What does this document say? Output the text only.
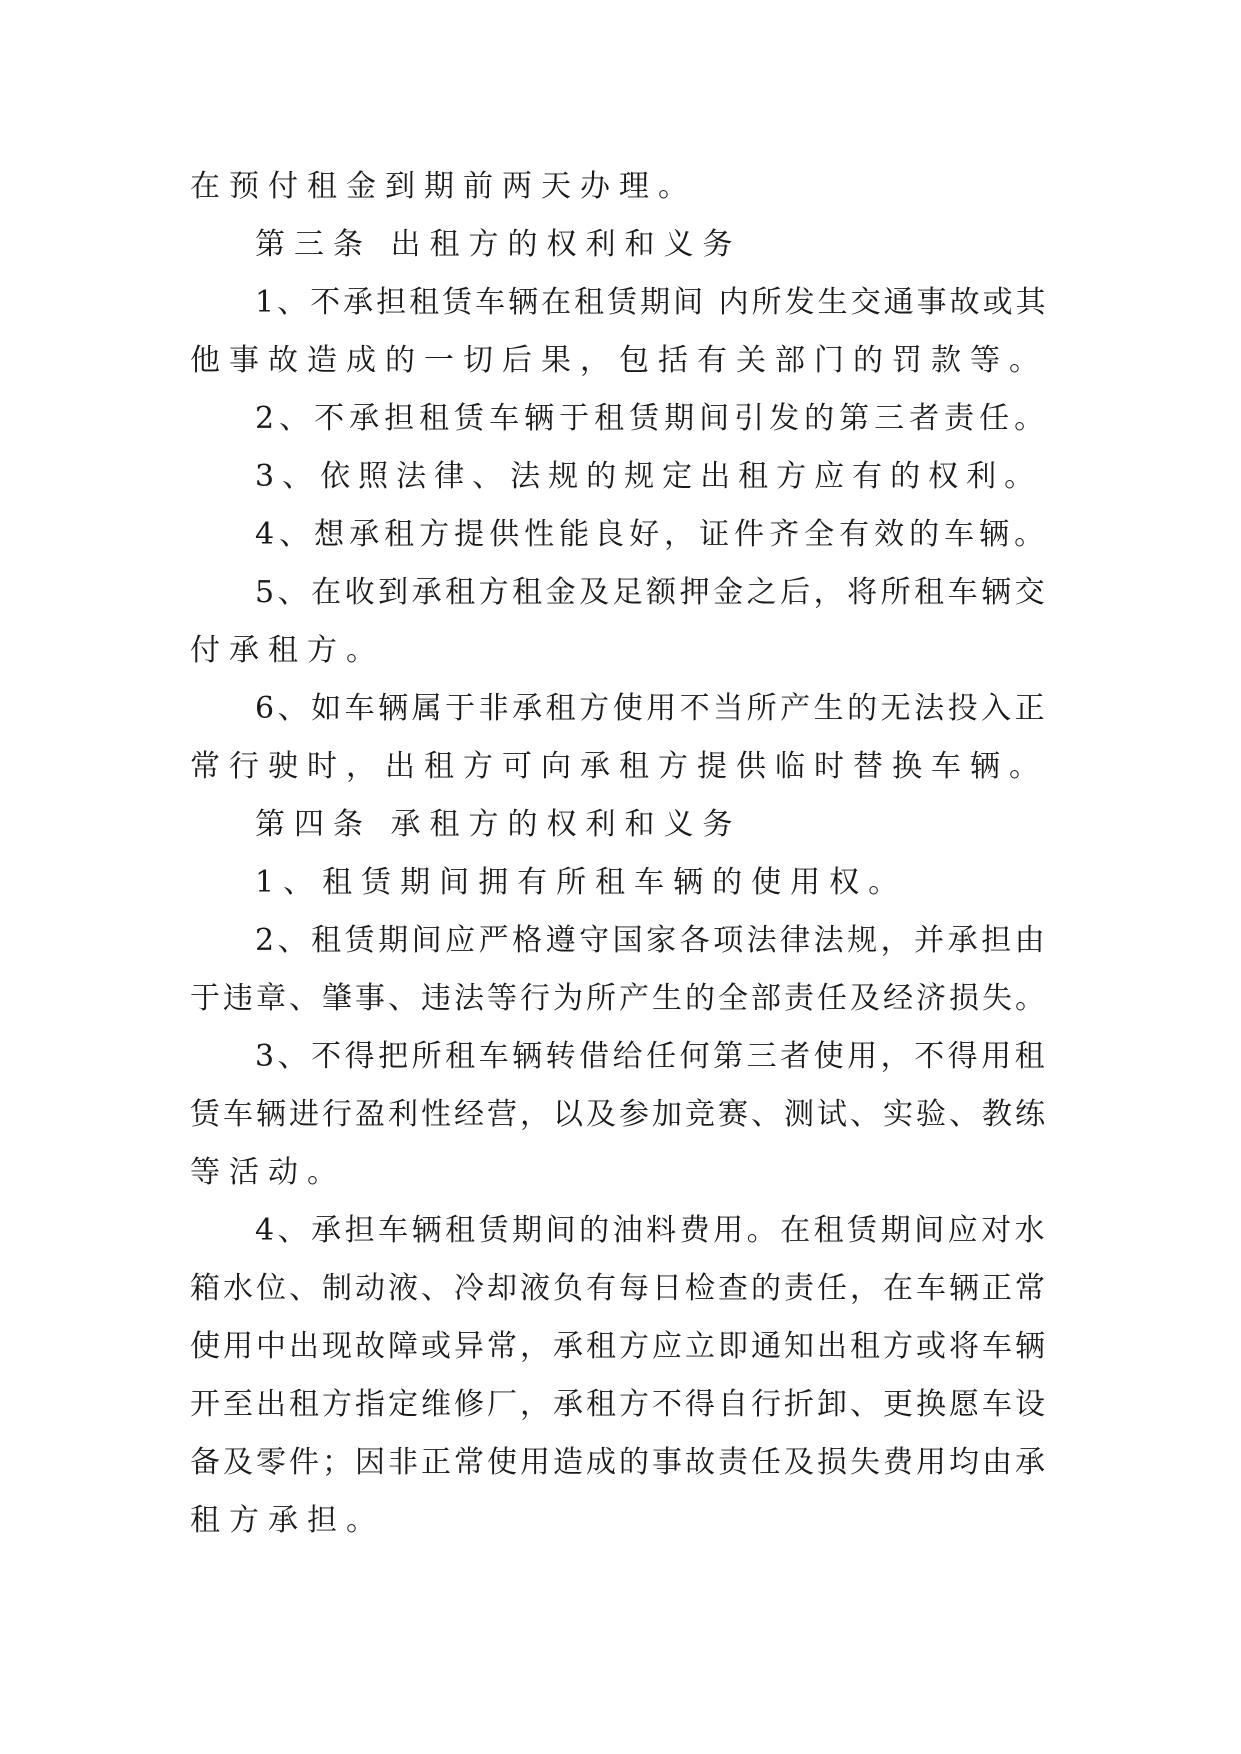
在预付租金到期前两天办理。
第三条 出租方的权利和义务
1、不承担租赁车辆在租赁期间 内所发生交通事故或其
他事故造成的一切后果，包括有关部门的罚款等。
2、不承担租赁车辆于租赁期间引发的第三者责任。
3、依照法律、法规的规定出租方应有的权利。
4、想承租方提供性能良好，证件齐全有效的车辆。
5、在收到承租方租金及足额押金之后，将所租车辆交
付承租方。
6、如车辆属于非承租方使用不当所产生的无法投入正
常行驶时，出租方可向承租方提供临时替换车辆。
第四条 承租方的权利和义务
1、租赁期间拥有所租车辆的使用权。
2、租赁期间应严格遵守国家各项法律法规，并承担由
于违章、肇事、违法等行为所产生的全部责任及经济损失。
3、不得把所租车辆转借给任何第三者使用，不得用租
赁车辆进行盈利性经营，以及参加竞赛、测试、实验、教练
等活动。
4、承担车辆租赁期间的油料费用。在租赁期间应对水
箱水位、制动液、冷却液负有每日检查的责任，在车辆正常
使用中出现故障或异常，承租方应立即通知出租方或将车辆
开至出租方指定维修厂，承租方不得自行折卸、更换愿车设
备及零件；因非正常使用造成的事故责任及损失费用均由承
租方承担。
